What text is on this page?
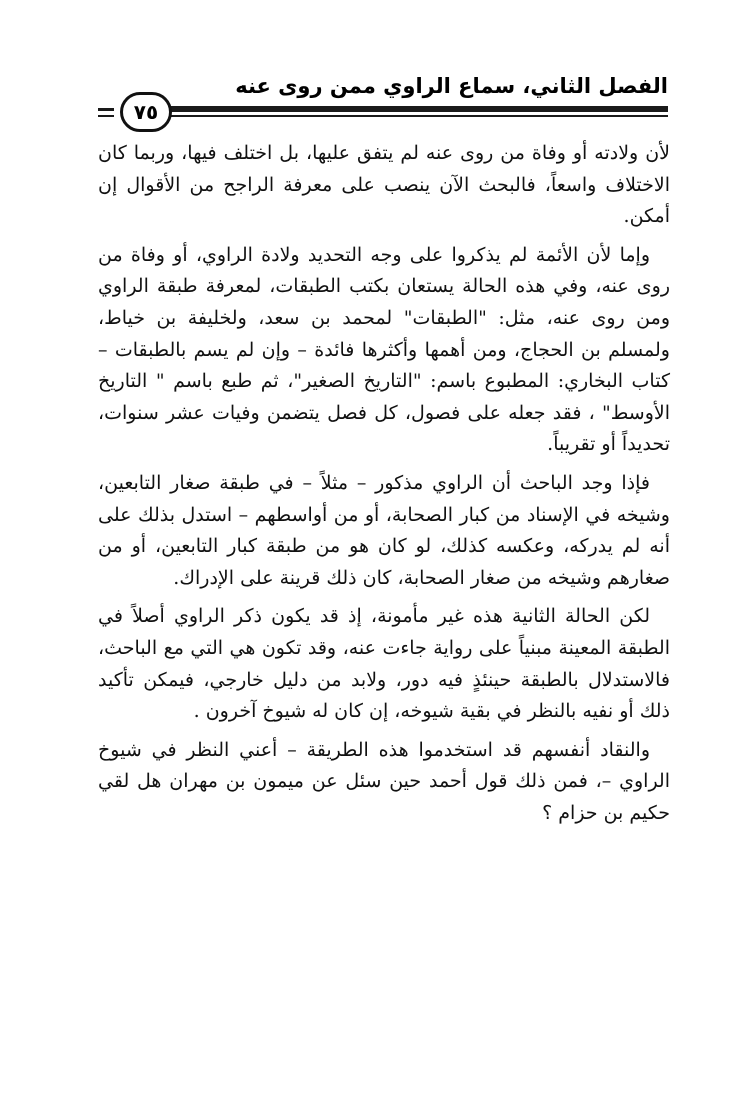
الفصل الثاني، سماع الراوي ممن روى عنه
٧٥

لأن ولادته أو وفاة من روى عنه لم يتفق عليها، بل اختلف فيها، وربما كان الاختلاف واسعاً، فالبحث الآن ينصب على معرفة الراجح من الأقوال إن أمكن.

وإما لأن الأئمة لم يذكروا على وجه التحديد ولادة الراوي، أو وفاة من روى عنه، وفي هذه الحالة يستعان بكتب الطبقات، لمعرفة طبقة الراوي ومن روى عنه، مثل: "الطبقات" لمحمد بن سعد، ولخليفة بن خياط، ولمسلم بن الحجاج، ومن أهمها وأكثرها فائدة – وإن لم يسم بالطبقات – كتاب البخاري: المطبوع باسم: "التاريخ الصغير"، ثم طبع باسم " التاريخ الأوسط" ، فقد جعله على فصول، كل فصل يتضمن وفيات عشر سنوات، تحديداً أو تقريباً.

فإذا وجد الباحث أن الراوي مذكور – مثلاً – في طبقة صغار التابعين، وشيخه في الإسناد من كبار الصحابة، أو من أواسطهم – استدل بذلك على أنه لم يدركه، وعكسه كذلك، لو كان هو من طبقة كبار التابعين، أو من صغارهم وشيخه من صغار الصحابة، كان ذلك قرينة على الإدراك.

لكن الحالة الثانية هذه غير مأمونة، إذ قد يكون ذكر الراوي أصلاً في الطبقة المعينة مبنياً على رواية جاءت عنه، وقد تكون هي التي مع الباحث، فالاستدلال بالطبقة حينئذٍ فيه دور، ولابد من دليل خارجي، فيمكن تأكيد ذلك أو نفيه بالنظر في بقية شيوخه، إن كان له شيوخ آخرون .

والنقاد أنفسهم قد استخدموا هذه الطريقة – أعني النظر في شيوخ الراوي –، فمن ذلك قول أحمد حين سئل عن ميمون بن مهران هل لقي حكيم بن حزام ؟
